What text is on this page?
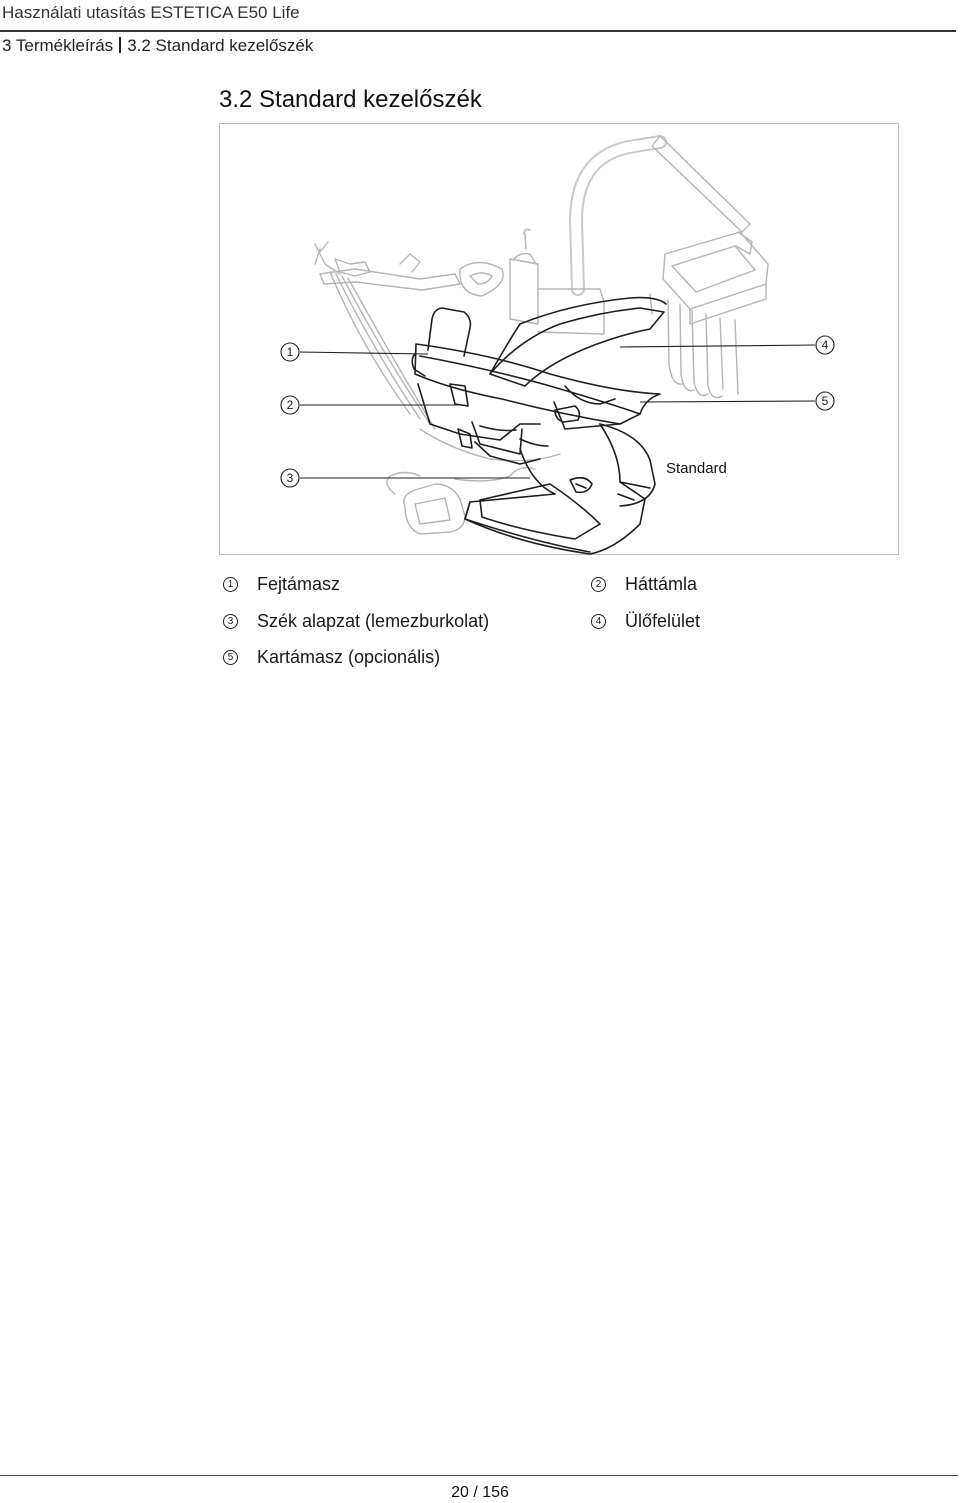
Használati utasítás ESTETICA E50 Life
3 Termékleírás 3.2 Standard kezelőszék
3.2 Standard kezelőszék
1
2
3
4
5
Standard
1 Fejtámasz	2 Háttámla
3 Szék alapzat (lemezburkolat)	4 Ülőfelület
5 Kartámasz (opcionális)
20 / 156
